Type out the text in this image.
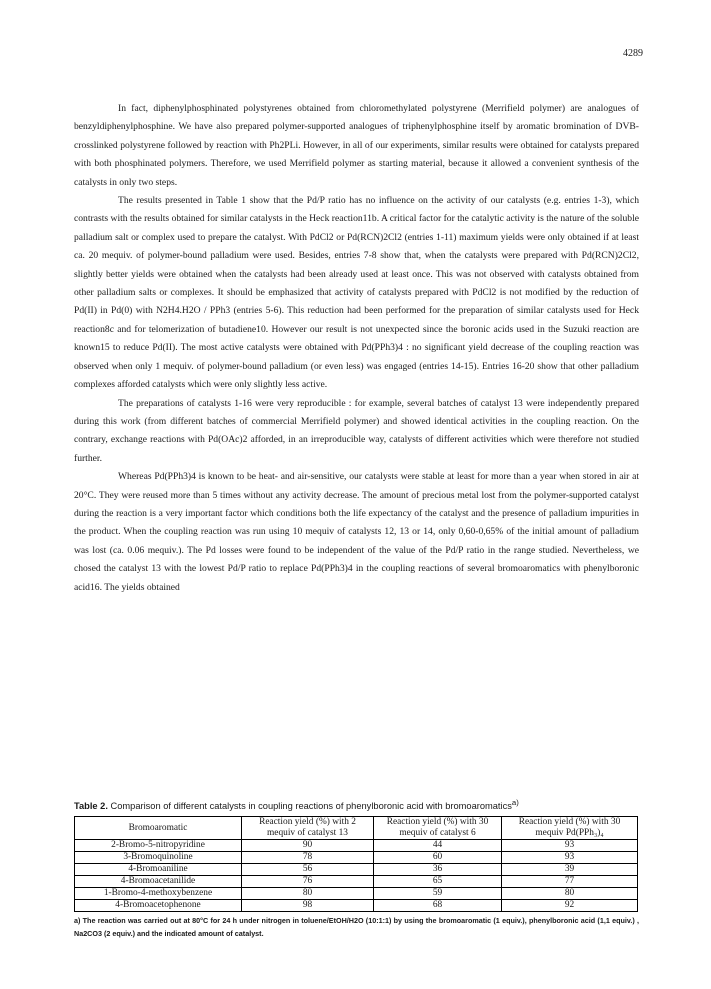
4289

In fact, diphenylphosphinated polystyrenes obtained from chloromethylated polystyrene (Merrifield polymer) are analogues of benzyldiphenylphosphine. We have also prepared polymer-supported analogues of triphenylphosphine itself by aromatic bromination of DVB-crosslinked polystyrene followed by reaction with Ph2PLi. However, in all of our experiments, similar results were obtained for catalysts prepared with both phosphinated polymers. Therefore, we used Merrifield polymer as starting material, because it allowed a convenient synthesis of the catalysts in only two steps.

The results presented in Table 1 show that the Pd/P ratio has no influence on the activity of our catalysts (e.g. entries 1-3), which contrasts with the results obtained for similar catalysts in the Heck reaction11b. A critical factor for the catalytic activity is the nature of the soluble palladium salt or complex used to prepare the catalyst. With PdCl2 or Pd(RCN)2Cl2 (entries 1-11) maximum yields were only obtained if at least ca. 20 mequiv. of polymer-bound palladium were used. Besides, entries 7-8 show that, when the catalysts were prepared with Pd(RCN)2Cl2, slightly better yields were obtained when the catalysts had been already used at least once. This was not observed with catalysts obtained from other palladium salts or complexes. It should be emphasized that activity of catalysts prepared with PdCl2 is not modified by the reduction of Pd(II) in Pd(0) with N2H4.H2O / PPh3 (entries 5-6). This reduction had been performed for the preparation of similar catalysts used for Heck reaction8c and for telomerization of butadiene10. However our result is not unexpected since the boronic acids used in the Suzuki reaction are known15 to reduce Pd(II). The most active catalysts were obtained with Pd(PPh3)4 : no significant yield decrease of the coupling reaction was observed when only 1 mequiv. of polymer-bound palladium (or even less) was engaged (entries 14-15). Entries 16-20 show that other palladium complexes afforded catalysts which were only slightly less active.

The preparations of catalysts 1-16 were very reproducible : for example, several batches of catalyst 13 were independently prepared during this work (from different batches of commercial Merrifield polymer) and showed identical activities in the coupling reaction. On the contrary, exchange reactions with Pd(OAc)2 afforded, in an irreproducible way, catalysts of different activities which were therefore not studied further.

Whereas Pd(PPh3)4 is known to be heat- and air-sensitive, our catalysts were stable at least for more than a year when stored in air at 20°C. They were reused more than 5 times without any activity decrease. The amount of precious metal lost from the polymer-supported catalyst during the reaction is a very important factor which conditions both the life expectancy of the catalyst and the presence of palladium impurities in the product. When the coupling reaction was run using 10 mequiv of catalysts 12, 13 or 14, only 0,60-0,65% of the initial amount of palladium was lost (ca. 0.06 mequiv.). The Pd losses were found to be independent of the value of the Pd/P ratio in the range studied. Nevertheless, we chosed the catalyst 13 with the lowest Pd/P ratio to replace Pd(PPh3)4 in the coupling reactions of several bromoaromatics with phenylboronic acid16. The yields obtained

Table 2. Comparison of different catalysts in coupling reactions of phenylboronic acid with bromoaromatics$^{a)}$

Bromoaromatic	Reaction yield (%) with 2 mequiv of catalyst 13	Reaction yield (%) with 30 mequiv of catalyst 6	Reaction yield (%) with 30 mequiv Pd(PPh₃)₄
2-Bromo-5-nitropyridine	90	44	93
3-Bromoquinoline	78	60	93
4-Bromoaniline	56	36	39
4-Bromoacetanilide	76	65	77
1-Bromo-4-methoxybenzene	80	59	80
4-Bromoacetophenone	98	68	92
a) The reaction was carried out at 80°C for 24 h under nitrogen in toluene/EtOH/H2O (10:1:1) by using the bromoaromatic (1 equiv.), phenylboronic acid (1,1 equiv.) , Na2CO3 (2 equiv.) and the indicated amount of catalyst.
